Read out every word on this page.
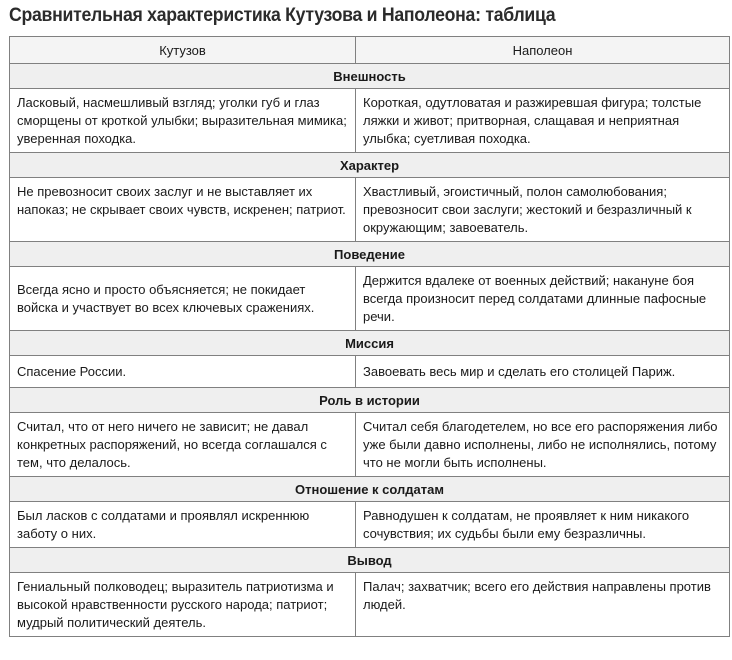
Сравнительная характеристика Кутузова и Наполеона: таблица
Кутузов	Наполеон
Внешность	
Ласковый, насмешливый взгляд; уголки губ и глаз сморщены от кроткой улыбки; выразительная мимика; уверенная походка.	Короткая, одутловатая и разжиревшая фигура; толстые ляжки и живот; притворная, слащавая и неприятная улыбка; суетливая походка.
Характер	
Не превозносит своих заслуг и не выставляет их напоказ; не скрывает своих чувств, искренен; патриот.	Хвастливый, эгоистичный, полон самолюбования; превозносит свои заслуги; жестокий и безразличный к окружающим; завоеватель.
Поведение	
Всегда ясно и просто объясняется; не покидает войска и участвует во всех ключевых сражениях.	Держится вдалеке от военных действий; накануне боя всегда произносит перед солдатами длинные пафосные речи.
Миссия	
Спасение России.	Завоевать весь мир и сделать его столицей Париж.
Роль в истории	
Считал, что от него ничего не зависит; не давал конкретных распоряжений, но всегда соглашался с тем, что делалось.	Считал себя благодетелем, но все его распоряжения либо уже были давно исполнены, либо не исполнялись, потому что не могли быть исполнены.
Отношение к солдатам	
Был ласков с солдатами и проявлял искреннюю заботу о них.	Равнодушен к солдатам, не проявляет к ним никакого сочувствия; их судьбы были ему безразличны.
Вывод	
Гениальный полководец; выразитель патриотизма и высокой нравственности русского народа; патриот; мудрый политический деятель.	Палач; захватчик; всего его действия направлены против людей.
